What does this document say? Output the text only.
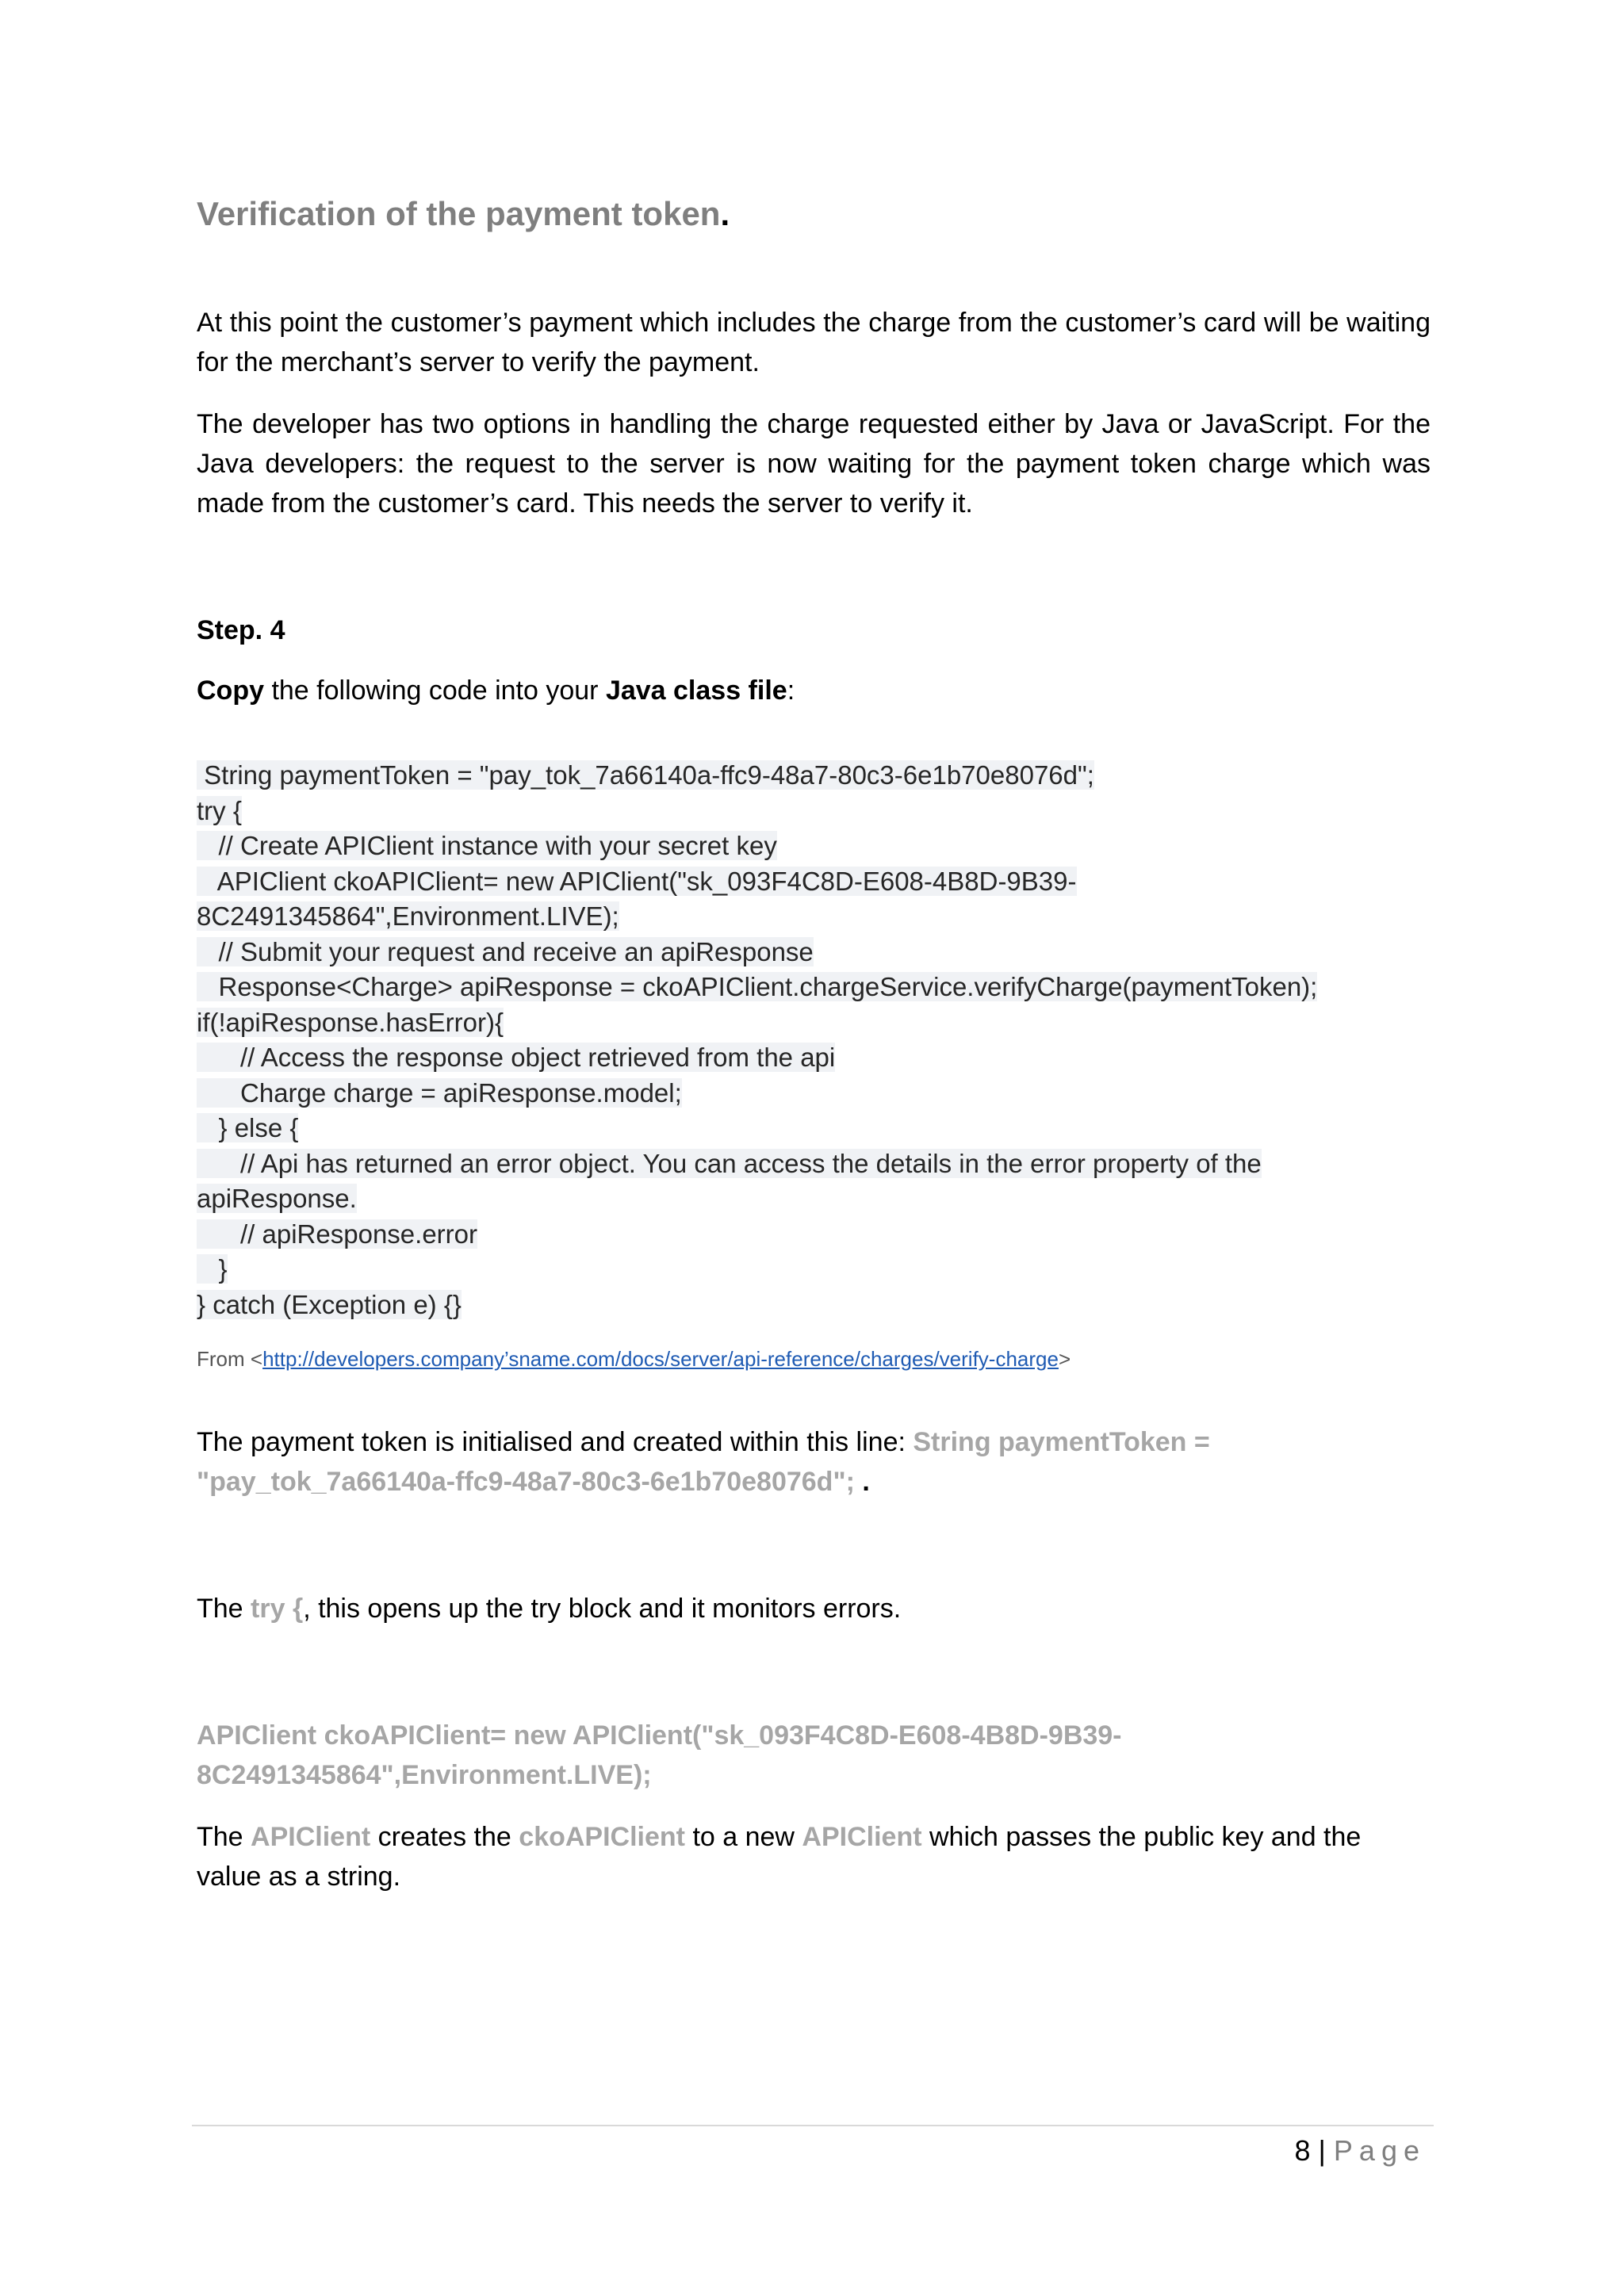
Verification of the payment token.

At this point the customer’s payment which includes the charge from the customer’s card will be waiting for the merchant’s server to verify the payment.

The developer has two options in handling the charge requested either by Java or JavaScript. For the Java developers: the request to the server is now waiting for the payment token charge which was made from the customer’s card. This needs the server to verify it.

Step. 4

Copy the following code into your Java class file:

String paymentToken = "pay_tok_7a66140a-ffc9-48a7-80c3-6e1b70e8076d";
try {
// Create APIClient instance with your secret key
APIClient ckoAPIClient= new APIClient("sk_093F4C8D-E608-4B8D-9B39-
8C2491345864",Environment.LIVE);
// Submit your request and receive an apiResponse
Response<Charge> apiResponse = ckoAPIClient.chargeService.verifyCharge(paymentToken);
if(!apiResponse.hasError){
// Access the response object retrieved from the api
Charge charge = apiResponse.model;
} else {
// Api has returned an error object. You can access the details in the error property of the
apiResponse.
// apiResponse.error
}
} catch (Exception e) {}

From <http://developers.company’sname.com/docs/server/api-reference/charges/verify-charge>

The payment token is initialised and created within this line: String paymentToken = "pay_tok_7a66140a-ffc9-48a7-80c3-6e1b70e8076d"; .

The try {, this opens up the try block and it monitors errors.

APIClient ckoAPIClient= new APIClient("sk_093F4C8D-E608-4B8D-9B39-
8C2491345864",Environment.LIVE);

The APIClient creates the ckoAPIClient to a new APIClient which passes the public key and the value as a string.

8 | Page
